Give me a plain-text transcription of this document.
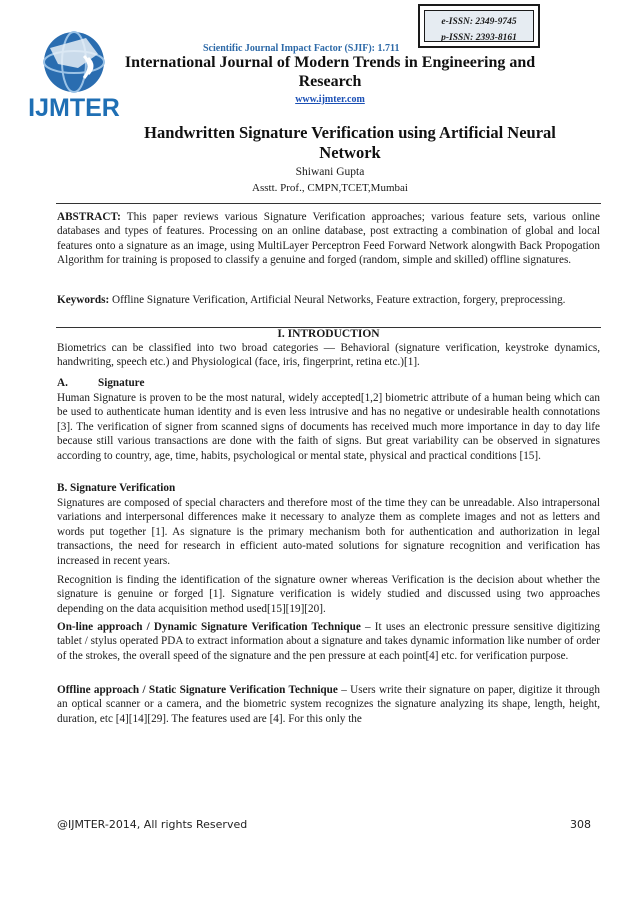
e-ISSN: 2349-9745
p-ISSN: 2393-8161
IJMTER
Scientific Journal Impact Factor (SJIF): 1.711
International Journal of Modern Trends in Engineering and Research
www.ijmter.com
Handwritten Signature Verification using Artificial Neural Network
Shiwani Gupta
Asstt. Prof., CMPN,TCET,Mumbai
ABSTRACT: This paper reviews various Signature Verification approaches; various feature sets, various online databases and types of features. Processing on an online database, post extracting a combination of global and local features onto a signature as an image, using MultiLayer Perceptron Feed Forward Network alongwith Back Propogation Algorithm for training is proposed to classify a genuine and forged (random, simple and skilled) offline signatures.
Keywords: Offline Signature Verification, Artificial Neural Networks, Feature extraction, forgery, preprocessing.
I. INTRODUCTION
Biometrics can be classified into two broad categories — Behavioral (signature verification, keystroke dynamics, handwriting, speech etc.) and Physiological (face, iris, fingerprint, retina etc.)[1].
A.	Signature
Human Signature is proven to be the most natural, widely accepted[1,2] biometric attribute of a human being which can be used to authenticate human identity and is even less intrusive and has no negative or undesirable health connotations [3]. The verification of signer from scanned signs of documents has received much more importance in day to day life because still various transactions are done with the faith of signs. But great variability can be observed in signatures according to country, age, time, habits, psychological or mental state, physical and practical conditions [15].
B. Signature Verification
Signatures are composed of special characters and therefore most of the time they can be unreadable. Also intrapersonal variations and interpersonal differences make it necessary to analyze them as complete images and not as letters and words put together [1]. As signature is the primary mechanism both for authentication and authorization in legal transactions, the need for research in efficient auto-mated solutions for signature recognition and verification has increased in recent years.
Recognition is finding the identification of the signature owner whereas Verification is the decision about whether the signature is genuine or forged [1]. Signature verification is widely studied and discussed using two approaches depending on the data acquisition method used[15][19][20].
On-line approach / Dynamic Signature Verification Technique – It uses an electronic pressure sensitive digitizing tablet / stylus operated PDA to extract information about a signature and takes dynamic information like number of order of the strokes, the overall speed of the signature and the pen pressure at each point[4] etc. for verification purpose.
Offline approach / Static Signature Verification Technique – Users write their signature on paper, digitize it through an optical scanner or a camera, and the biometric system recognizes the signature analyzing its shape, length, height, duration, etc [4][14][29]. The features used are [4]. For this only the
@IJMTER-2014, All rights Reserved	308
